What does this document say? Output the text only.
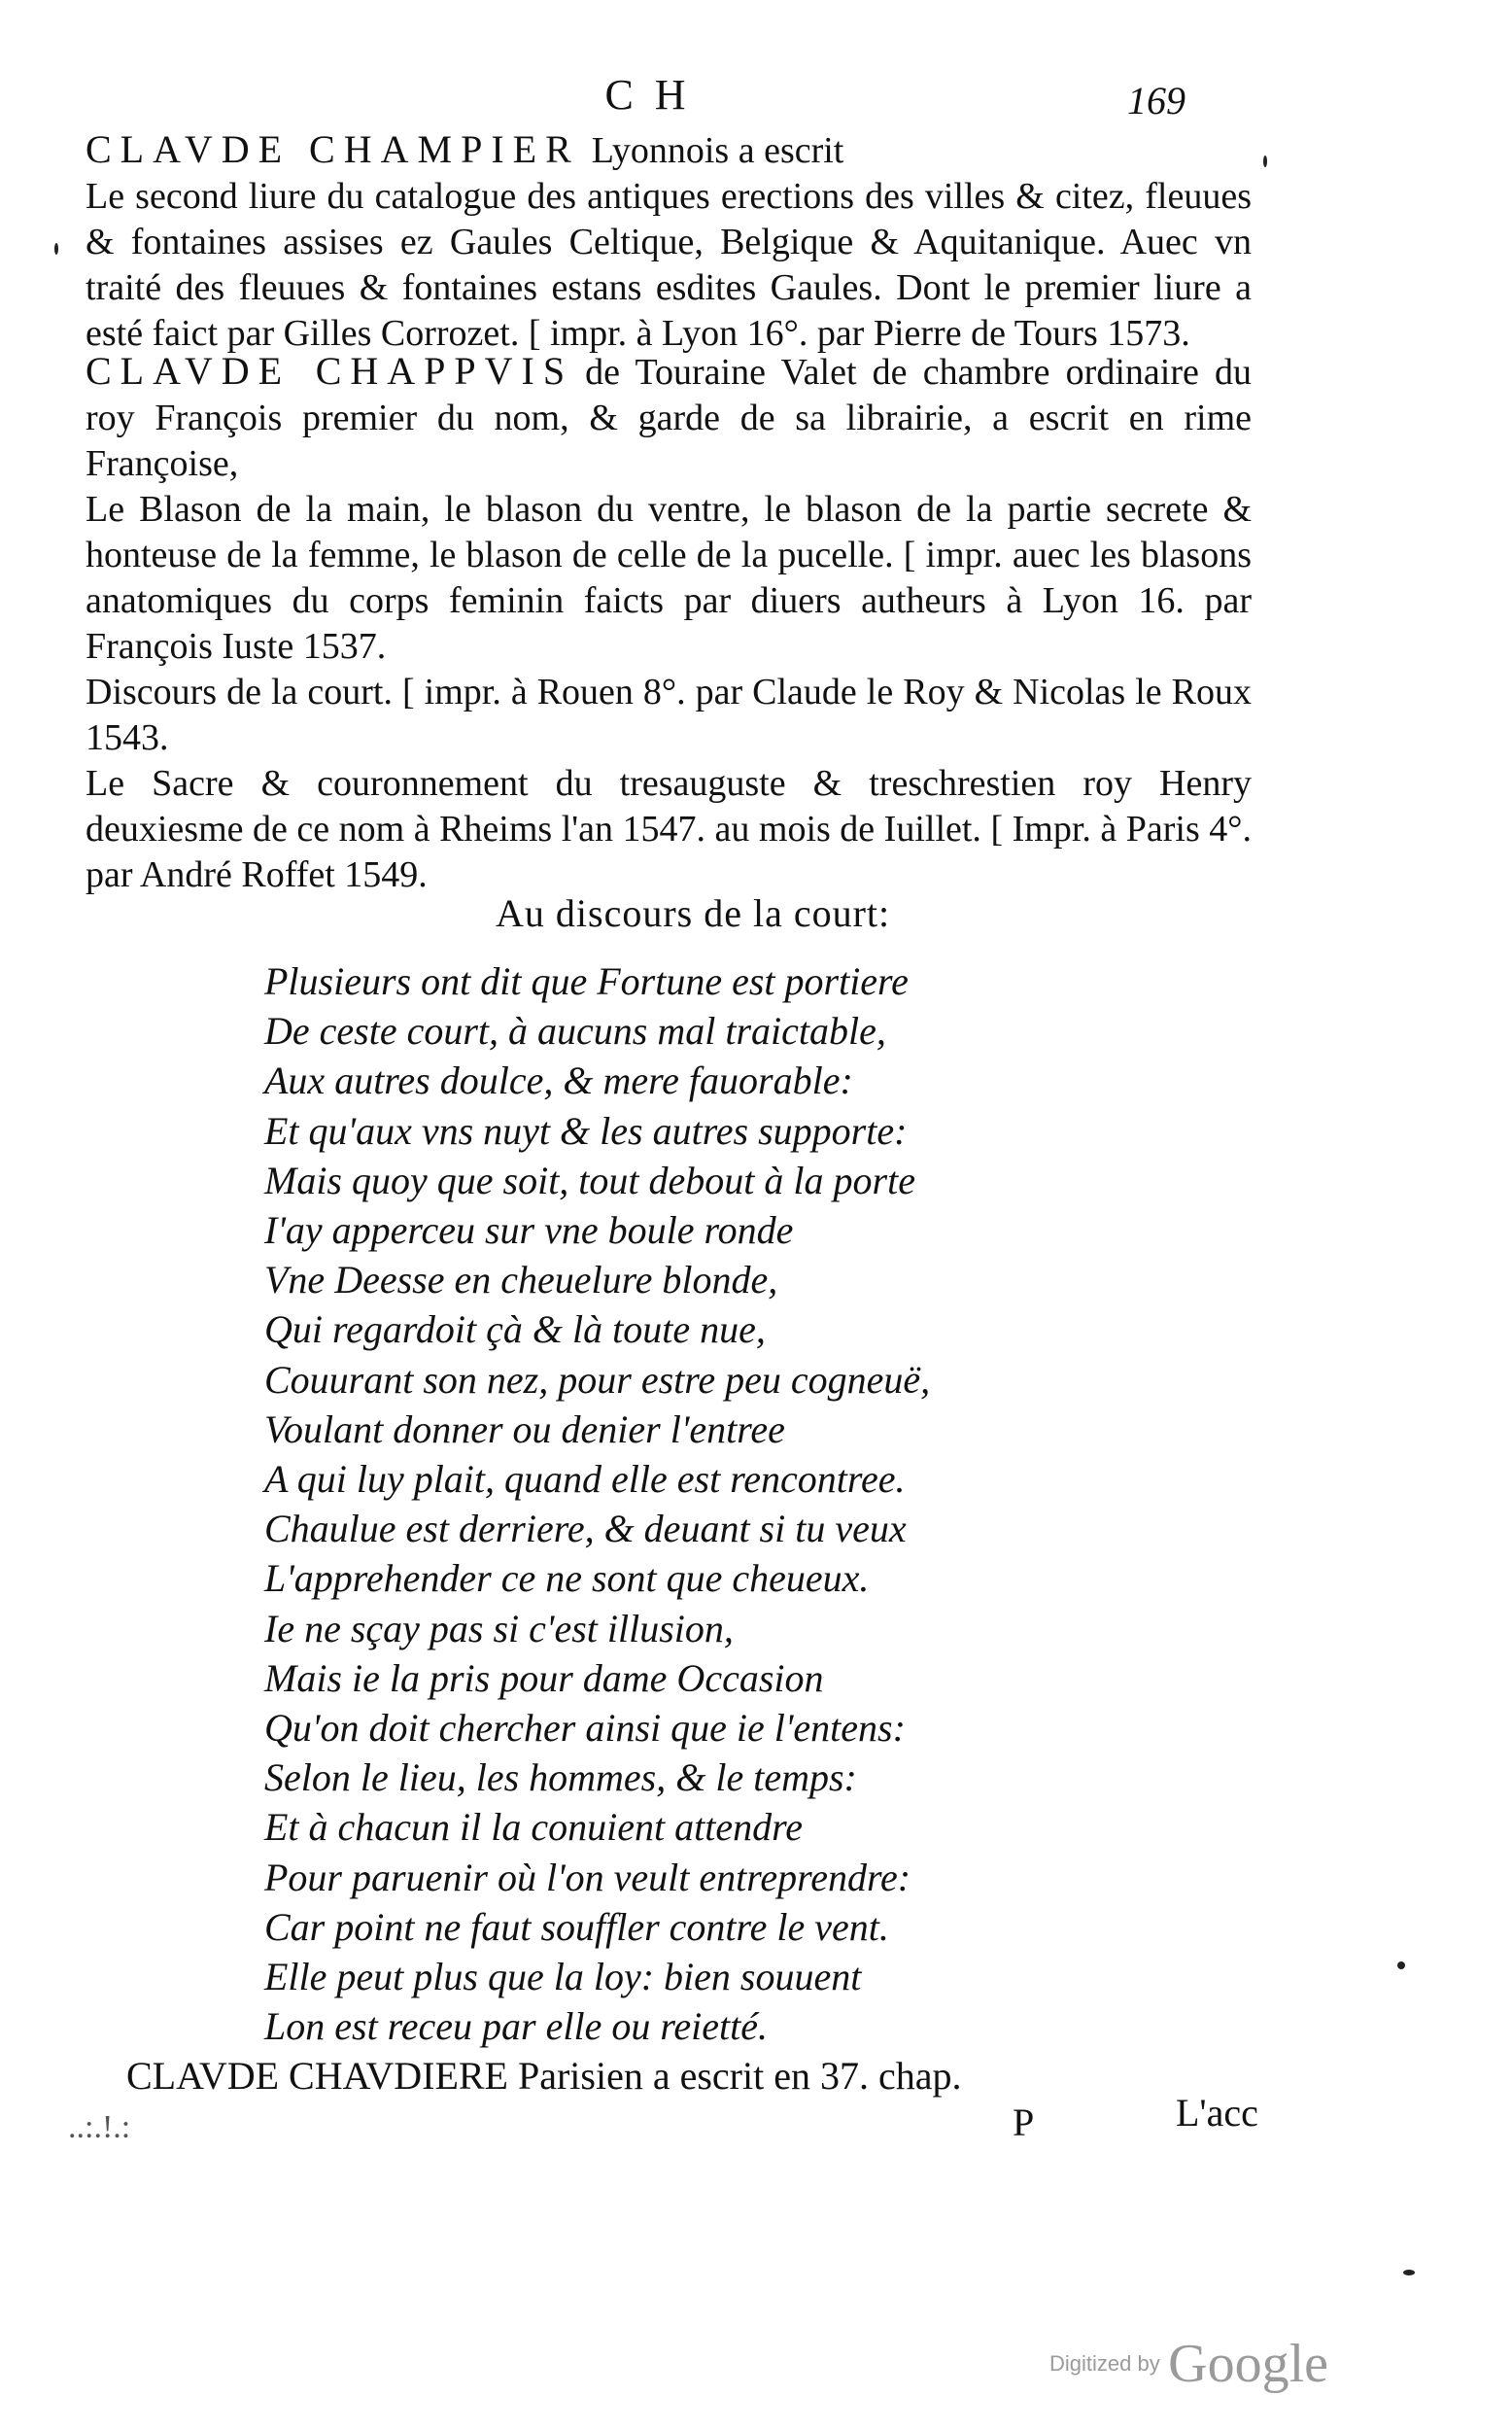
CH	169
CLAVDE CHAMPIER Lyonnois a escrit
Le second liure du catalogue des antiques erections des villes & citez, fleuues & fontaines assises ez Gaules Celtique, Belgique & Aquitanique. Auec vn traité des fleuues & fontaines estans esdites Gaules. Dont le premier liure a esté faict par Gilles Corrozet. [ impr. à Lyon 16°. par Pierre de Tours 1573.
CLAVDE CHAPPVIS de Touraine Valet de chambre ordinaire du roy François premier du nom, & garde de sa librairie, a escrit en rime Françoise,
Le Blason de la main, le blason du ventre, le blason de la partie secrete & honteuse de la femme, le blason de celle de la pucelle. [ impr. auec les blasons anatomiques du corps feminin faicts par diuers autheurs à Lyon 16. par François Iuste 1537.
Discours de la court. [ impr. à Rouen 8°. par Claude le Roy & Nicolas le Roux 1543.
Le Sacre & couronnement du tresauguste & treschrestien roy Henry deuxiesme de ce nom à Rheims l'an 1547. au mois de Iuillet. [ Impr. à Paris 4°. par André Roffet 1549.
Au discours de la court:
Plusieurs ont dit que Fortune est portiere
De ceste court, à aucuns mal traictable,
Aux autres doulce, & mere fauorable:
Et qu'aux vns nuyt & les autres supporte:
Mais quoy que soit, tout debout à la porte
I'ay apperceu sur vne boule ronde
Vne Deesse en cheuelure blonde,
Qui regardoit çà & là toute nue,
Couurant son nez, pour estre peu cogneuë,
Voulant donner ou denier l'entree
A qui luy plait, quand elle est rencontree.
Chaulue est derriere, & deuant si tu veux
L'apprehender ce ne sont que cheueux.
Ie ne sçay pas si c'est illusion,
Mais ie la pris pour dame Occasion
Qu'on doit chercher ainsi que ie l'entens:
Selon le lieu, les hommes, & le temps:
Et à chacun il la conuient attendre
Pour paruenir où l'on veult entreprendre:
Car point ne faut souffler contre le vent.
Elle peut plus que la loy: bien souuent
Lon est receu par elle ou reietté.
CLAVDE CHAVDIERE Parisien a escrit en 37. chap.
..:.!.:	P	L'acc
Digitized by Google
